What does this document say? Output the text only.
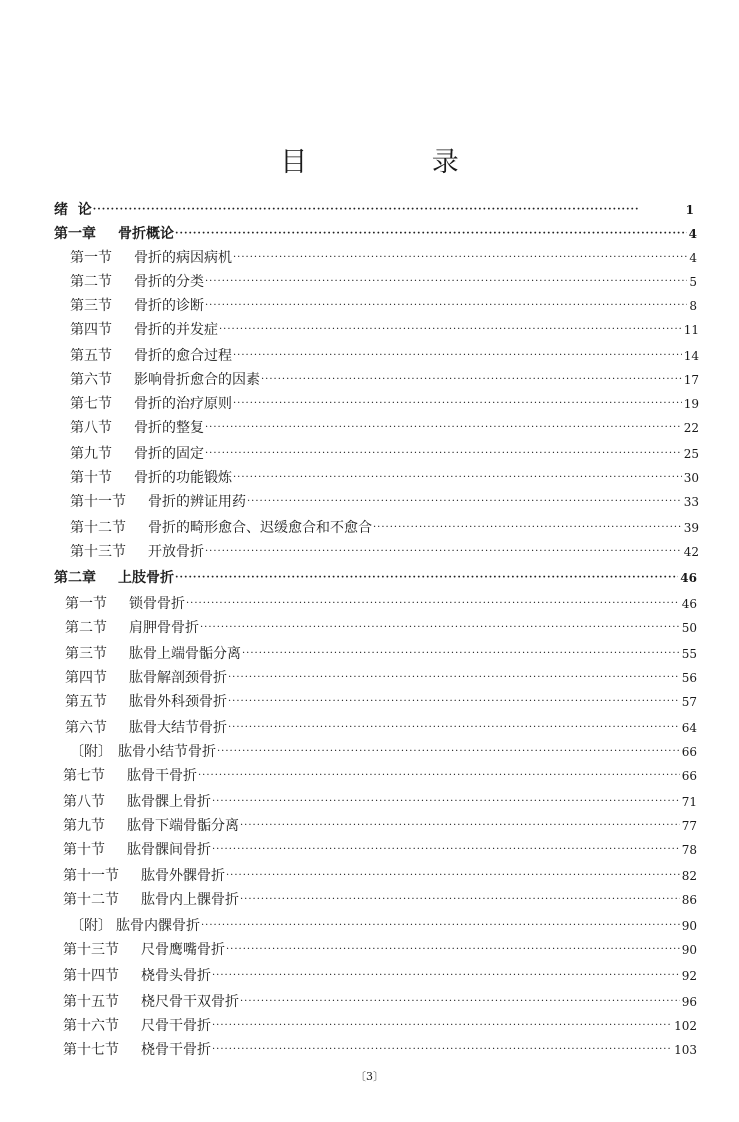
目 录
绪  论 ·····	1
第一章 骨折概论 ·····	4
第一节 骨折的病因病机 ·····	4
第二节 骨折的分类 ·····	5
第三节 骨折的诊断 ·····	8
第四节 骨折的并发症 ·····	11
第五节 骨折的愈合过程 ·····	14
第六节 影响骨折愈合的因素 ·····	17
第七节 骨折的治疗原则 ·····	19
第八节 骨折的整复 ·····	22
第九节 骨折的固定 ·····	25
第十节 骨折的功能锻炼 ·····	30
第十一节 骨折的辨证用药 ·····	33
第十二节 骨折的畸形愈合、迟缓愈合和不愈合 ·····	39
第十三节 开放骨折 ·····	42
第二章 上肢骨折 ·····	46
第一节 锁骨骨折 ·····	46
第二节 肩胛骨骨折 ·····	50
第三节 肱骨上端骨骺分离 ·····	55
第四节 肱骨解剖颈骨折 ·····	56
第五节 肱骨外科颈骨折 ·····	57
第六节 肱骨大结节骨折 ·····	64
〔附〕 肱骨小结节骨折 ·····	66
第七节 肱骨干骨折 ·····	66
第八节 肱骨髁上骨折 ·····	71
第九节 肱骨下端骨骺分离 ·····	77
第十节 肱骨髁间骨折 ·····	78
第十一节 肱骨外髁骨折 ·····	82
第十二节 肱骨内上髁骨折 ·····	86
〔附〕 肱骨内髁骨折 ·····	90
第十三节 尺骨鹰嘴骨折 ·····	90
第十四节 桡骨头骨折 ·····	92
第十五节 桡尺骨干双骨折 ·····	96
第十六节 尺骨干骨折 ·····	102
第十七节 桡骨干骨折 ·····	103
〔3〕
